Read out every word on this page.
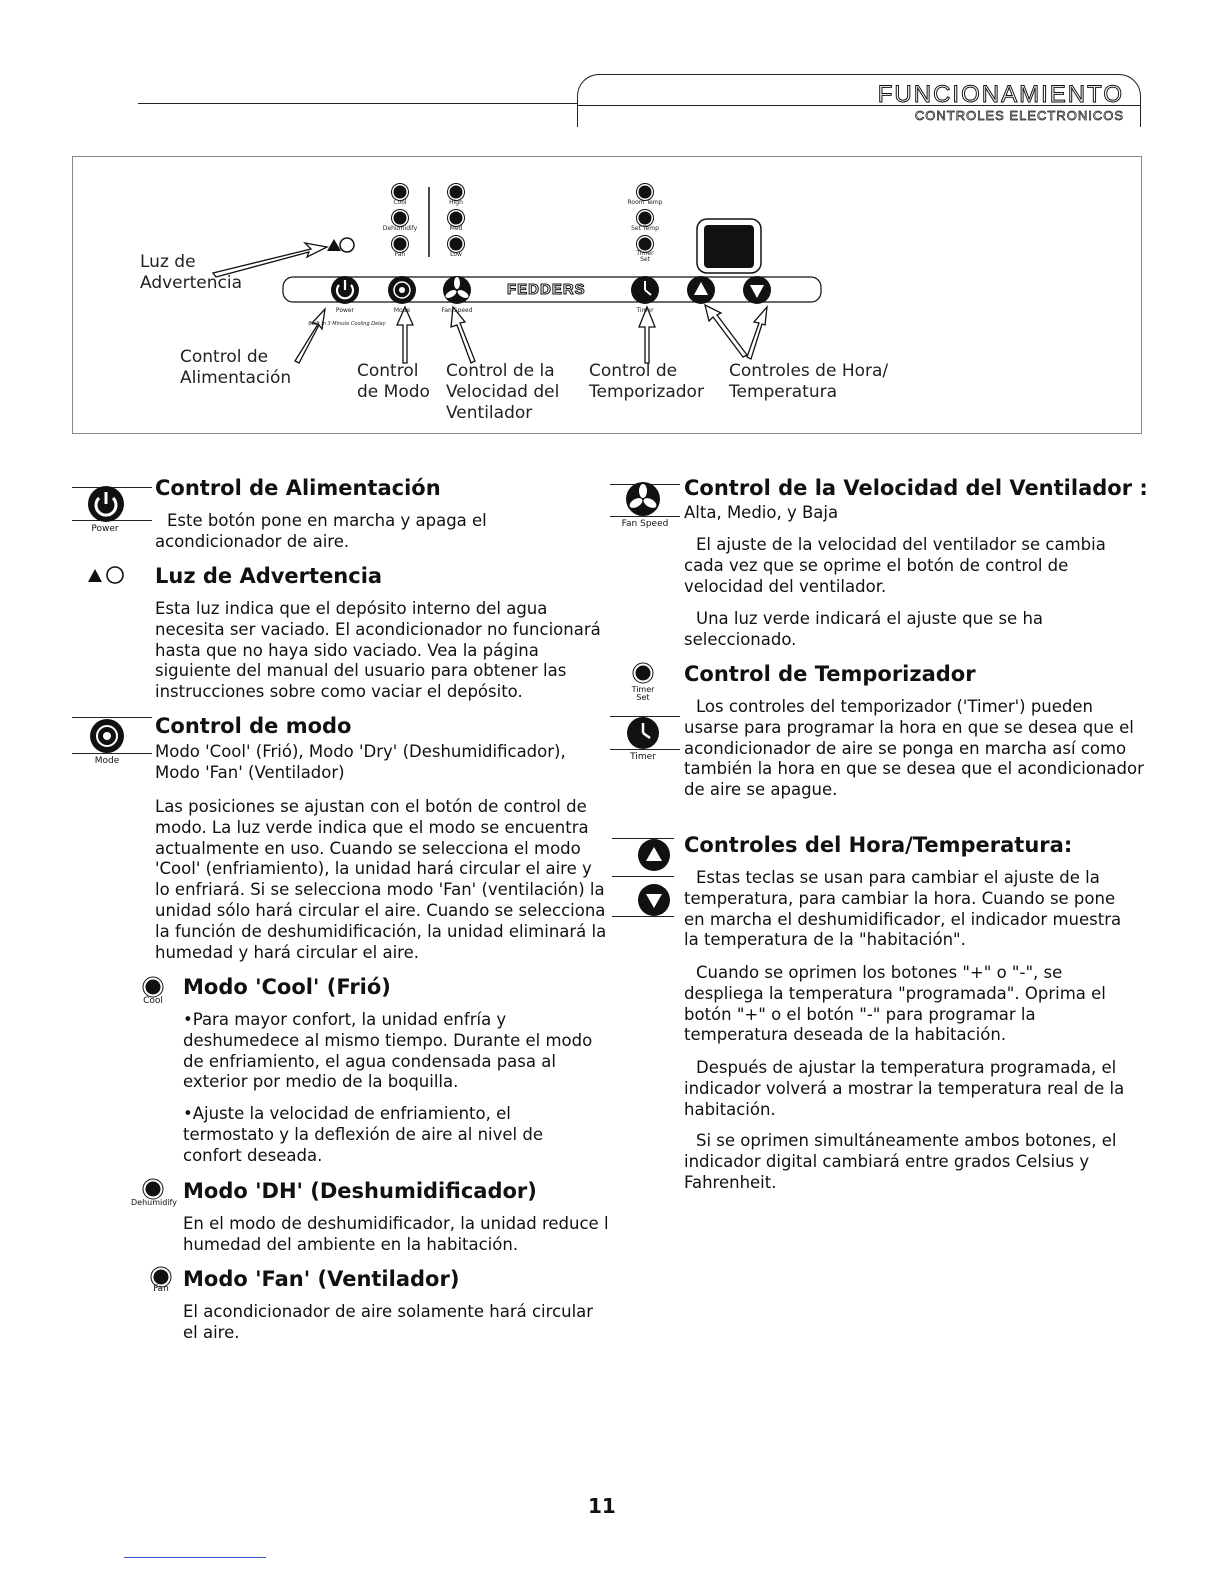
FUNCIONAMIENTO
CONTROLES ELECTRONICOS
Cool
Dehumidify
Fan
High
Med
Low
Room Temp
Set Temp
Timer Set
FEDDERS
Power	Mode	Fan Speed	Timer
Built in 3 Minute Cooling Delay
Luz de Advertencia
Control de Alimentación	Control de Modo
Control de la Velocidad del Ventilador
Control de Temporizador
Controles de Hora/ Temperatura
Power
Control de Alimentación
Este botón pone en marcha y apaga el acondicionador de aire.
Luz de Advertencia
Esta luz indica que el depósito interno del agua necesita ser vaciado. El acondicionador no funcionará hasta que no haya sido vaciado. Vea la página siguiente del manual del usuario para obtener las instrucciones sobre como vaciar el depósito.
Mode
Control de modo
Modo 'Cool' (Frió), Modo 'Dry' (Deshumidificador), Modo 'Fan' (Ventilador)
Las posiciones se ajustan con el botón de control de modo. La luz verde indica que el modo se encuentra actualmente en uso. Cuando se selecciona el modo 'Cool' (enfriamiento), la unidad hará circular el aire y lo enfriará. Si se selecciona modo 'Fan' (ventilación) la unidad sólo hará circular el aire. Cuando se selecciona la función de deshumidificación, la unidad eliminará la humedad y hará circular el aire.
Cool
Modo 'Cool' (Frió)
•Para mayor confort, la unidad enfría y deshumedece al mismo tiempo. Durante el modo de enfriamiento, el agua condensada pasa al exterior por medio de la boquilla.
•Ajuste la velocidad de enfriamiento, el termostato y la deflexión de aire al nivel de confort deseada.
Dehumidify Modo 'DH' (Deshumidificador)
En el modo de deshumidificador, la unidad reduce l humedad del ambiente en la habitación.
Fan Modo 'Fan' (Ventilador)
El acondicionador de aire solamente hará circular el aire.
Fan Speed
Control de la Velocidad del Ventilador :
Alta, Medio, y Baja
El ajuste de la velocidad del ventilador se cambia cada vez que se oprime el botón de control de velocidad del ventilador.
Una luz verde indicará el ajuste que se ha seleccionado.
Timer Set
Timer
Control de Temporizador
Los controles del temporizador ('Timer') pueden usarse para programar la hora en que se desea que el acondicionador de aire se ponga en marcha así como también la hora en que se desea que el acondicionador de aire se apague.
Controles del Hora/Temperatura:
Estas teclas se usan para cambiar el ajuste de la temperatura, para cambiar la hora. Cuando se pone en marcha el deshumidificador, el indicador muestra la temperatura de la "habitación".
Cuando se oprimen los botones "+" o "-", se despliega la temperatura "programada". Oprima el botón "+" o el botón "-" para programar la temperatura deseada de la habitación.
Después de ajustar la temperatura programada, el indicador volverá a mostrar la temperatura real de la habitación.
Si se oprimen simultáneamente ambos botones, el indicador digital cambiará entre grados Celsius y Fahrenheit.
11
